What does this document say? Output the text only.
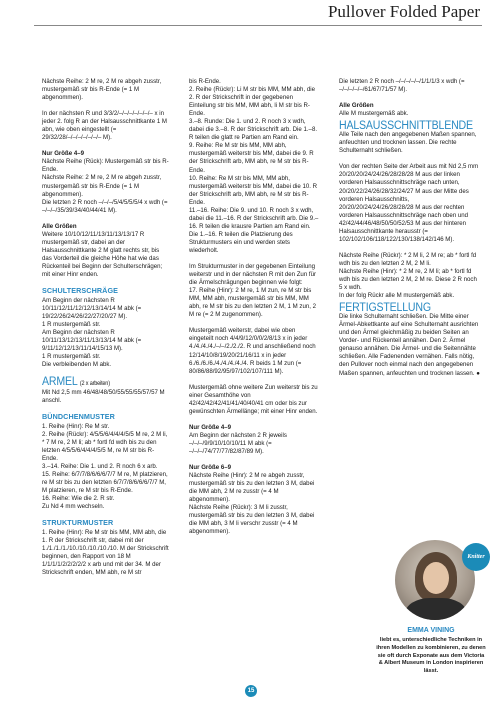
Pullover Folded Paper

Nächste Reihe: 2 M re, 2 M re abgeh zusstr, mustergemäß str bis R-Ende (= 1 M abgenommen).

In der nächsten R und 3/3/2/–/–/–/–/–/–/– x in jeder 2. folg R an der Halsausschnittkante 1 M abn, wie oben eingestellt (= 29/32/28/–/–/–/–/–/–/– M).

Nur Größe 4–9

Nächste Reihe (Rück): Mustergemäß str bis R-Ende.

Nächste Reihe: 2 M re, 2 M re abgeh zusstr, mustergemäß str bis R-Ende (= 1 M abgenommen).

Die letzten 2 R noch –/–/–/5/4/5/5/5/4 x wdh (= –/–/–/35/39/34/40/44/41 M).

Alle Größen

Weitere 10/10/12/11/13/11/13/13/17 R mustergemäß str, dabei an der Halsausschnittkante 2 M glatt rechts str, bis das Vorderteil die gleiche Höhe hat wie das Rückenteil bei Beginn der Schulterschrägen; mit einer Hinr enden.

SCHULTERSCHRÄGE

Am Beginn der nächsten R 10/11/12/11/12/12/13/14/14 M abk (= 19/22/26/24/26/22/27/20/27 M).

1 R mustergemäß str.

Am Beginn der nächsten R 10/11/13/12/13/11/13/13/14 M abk (= 9/11/12/12/13/11/14/15/13 M).

1 R mustergemäß str.

Die verbleibenden M abk.

ÄRMEL (2 x arbeiten)

Mit Nd 2,5 mm 46/48/48/50/55/55/55/57/57 M anschl.

BÜNDCHENMUSTER

1. Reihe (Hinr): Re M str.

2. Reihe (Rückr): 4/5/5/6/4/4/4/5/5 M re, 2 M li, * 7 M re, 2 M li; ab * fortl fd wdh bis zu den letzten 4/5/5/6/4/4/4/5/5 M, re M str bis R-Ende.

3.–14. Reihe: Die 1. und 2. R noch 6 x arb.

15. Reihe: 6/7/7/8/6/6/6/7/7 M re, M platzieren, re M str bis zu den letzten 6/7/7/8/6/6/6/7/7 M, M platzieren, re M str bis R-Ende.

16. Reihe: Wie die 2. R str.

Zu Nd 4 mm wechseln.

STRUKTURMUSTER

1. Reihe (Hinr): Re M str bis MM, MM abh, die 1. R der Strickschrift str, dabei mit der 1./1./1./1./10./10./10./10./10. M der Strickschrift beginnen, den Rapport von 18 M 1/1/1/1/2/2/2/2/2 x arb und mit der 34. M der Strickschrift enden, MM abh, re M str

bis R-Ende.

2. Reihe (Rückr): Li M str bis MM, MM abh, die 2. R der Strickschrift in der gegebenen Einteilung str bis MM, MM abh, li M str bis R-Ende.

3.–8. Runde: Die 1. und 2. R noch 3 x wdh, dabei die 3.–8. R der Strickschrift arb. Die 1.–8. R teilen die glatt re Partien am Rand ein.

9. Reihe: Re M str bis MM, MM abh, mustergemäß weiterstr bis MM, dabei die 9. R der Strickschrift arb, MM abh, re M str bis R-Ende.

10. Reihe: Re M str bis MM, MM abh, mustergemäß weiterstr bis MM, dabei die 10. R der Strickschrift arb, MM abh, re M str bis R-Ende.

11.–16. Reihe: Die 9. und 10. R noch 3 x wdh, dabei die 11.–16. R der Strickschrift arb. Die 9.–16. R teilen die krausre Partien am Rand ein.

Die 1.–16. R teilen die Platzierung des Strukturmusters ein und werden stets wiederholt.

Im Strukturmuster in der gegebenen Einteilung weiterstr und in der nächsten R mit den Zun für die Ärmelschrägungen beginnen wie folgt:

17. Reihe (Hinr): 2 M re, 1 M zun, re M str bis MM, MM abh, mustergemäß str bis MM, MM abh, re M str bis zu den letzten 2 M, 1 M zun, 2 M re (= 2 M zugenommen).

Mustergemäß weiterstr, dabei wie oben eingeteilt noch 4/4/9/12/0/0/2/8/13 x in jeder 4./4./4./4./–/–/2./2./2. R und anschließend noch 12/14/10/8/19/20/21/16/11 x in jeder 6./6./6./6./4./4./4./4./4. R beids 1 M zun (= 80/86/88/92/95/97/102/107/111 M).

Mustergemäß ohne weitere Zun weiterstr bis zu einer Gesamthöhe von 42/42/42/42/41/41/40/40/41 cm oder bis zur gewünschten Ärmellänge; mit einer Hinr enden.

Nur Größe 4–9

Am Beginn der nächsten 2 R jeweils –/–/–/9/9/10/10/10/11 M abk (= –/–/–/74/77/77/82/87/89 M).

Nur Größe 6–9

Nächste Reihe (Hinr): 2 M re abgeh zusstr, mustergemäß str bis zu den letzten 3 M, dabei die MM abh, 2 M re zusstr (= 4 M abgenommen).

Nächste Reihe (Rückr): 3 M li zusstr, mustergemäß str bis zu den letzten 3 M, dabei die MM abh, 3 M li verschr zusstr (= 4 M abgenommen).

Die letzten 2 R noch –/–/–/–/–/1/1/1/3 x wdh (= –/–/–/–/–/61/67/71/57 M).

Alle Größen

Alle M mustergemäß abk.

HALSAUSSCHNITTBLENDE

Alle Teile nach den angegebenen Maßen spannen, anfeuchten und trocknen lassen. Die rechte Schulternaht schließen.

Von der rechten Seite der Arbeit aus mit Nd 2,5 mm 20/20/20/24/24/26/28/28/28 M aus der linken vorderen Halsausschnittschräge nach unten, 20/20/22/24/26/28/32/24/27 M aus der Mitte des vorderen Halsausschnitts, 20/20/20/24/24/26/28/28/28 M aus der rechten vorderen Halsausschnittschräge nach oben und 42/42/44/46/48/50/50/52/53 M aus der hinteren Halsausschnittkante herausstr (= 102/102/106/118/122/130/138/142/146 M).

Nächste Reihe (Rückr): * 2 M li, 2 M re; ab * fortl fd wdh bis zu den letzten 2 M, 2 M li.

Nächste Reihe (Hinr): * 2 M re, 2 M li; ab * fortl fd wdh bis zu den letzten 2 M, 2 M re. Diese 2 R noch 5 x wdh.

In der folg Rückr alle M mustergemäß abk.

FERTIGSTELLUNG

Die linke Schulternaht schließen. Die Mitte einer Ärmel-Abkettkante auf eine Schulternaht ausrichten und den Ärmel gleichmäßig zu beiden Seiten an Vorder- und Rückenteil annähen. Den 2. Ärmel genauso annähen. Die Ärmel- und die Seitennähte schließen. Alle Fadenenden vernähen. Falls nötig, den Pullover noch einmal nach den angegebenen Maßen spannen, anfeuchten und trocknen lassen. ●

Knitter
EMMA VINING
liebt es, unterschiedliche Techniken in ihren Modellen zu kombinieren, zu denen sie oft durch Exponate aus dem Victoria & Albert Museum in London inspirieren lässt.
15
